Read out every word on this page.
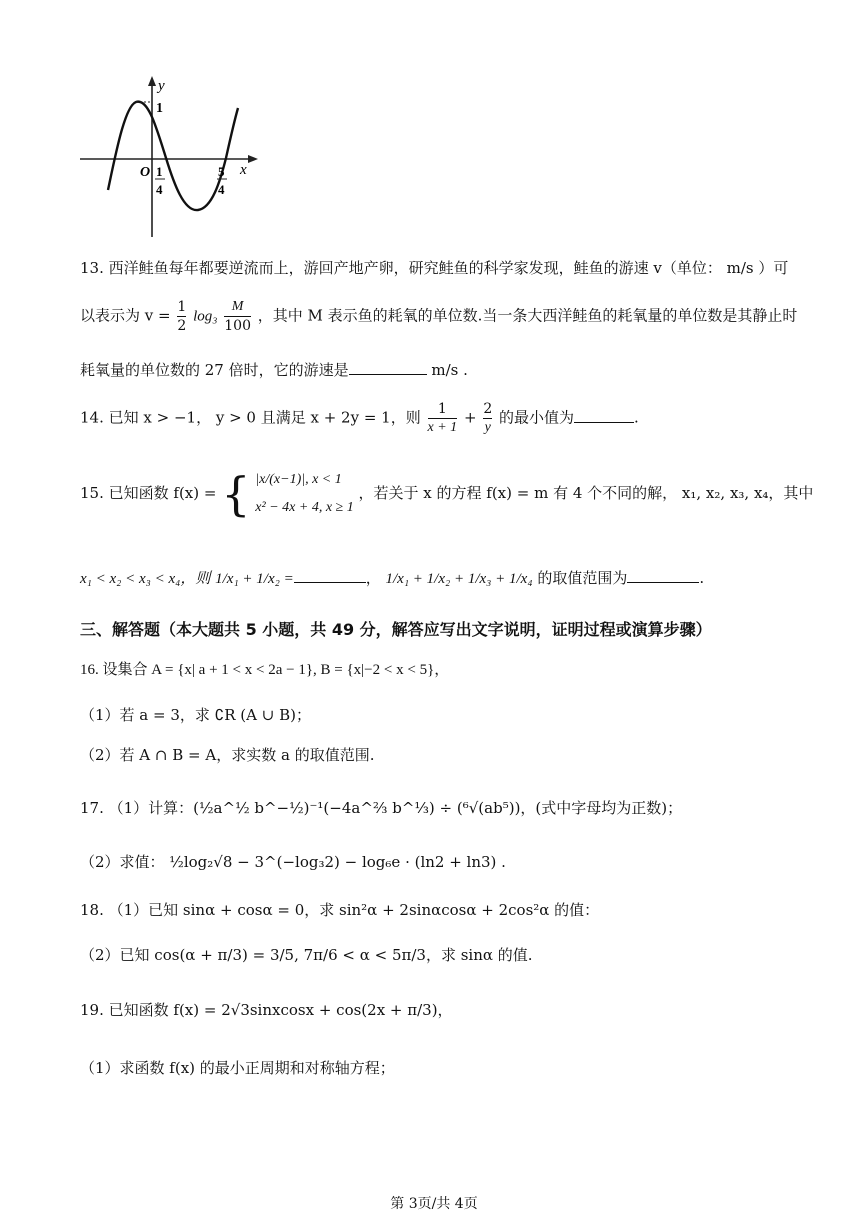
y
1
O 1
4
5
4
x
13. 西洋鲑鱼每年都要逆流而上，游回产地产卵，研究鲑鱼的科学家发现，鲑鱼的游速 v（单位： m/s ）可
以表示为 $v = \frac{1}{2} \log_3 \frac{M}{100}$ ，其中 M 表示鱼的耗氧的单位数.当一条大西洋鲑鱼的耗氧量的单位数是其静止时
耗氧量的单位数的 27 倍时，它的游速是	m/s .
14. 已知 x > −1， y > 0 且满足 x + 2y = 1，则 $\frac{1}{x + 1} + \frac{2}{y}$ 的最小值为	.
15. 已知函数 f(x) = { |x/(x−1)|, x < 1
x² − 4x + 4, x ≥ 1
，若关于 x 的方程 f(x) = m 有 4 个不同的解， x₁, x₂, x₃, x₄，其中
x₁ < x₂ < x₃ < x₄，则 1/x₁ + 1/x₂ =	， 1/x₁ + 1/x₂ + 1/x₃ + 1/x₄ 的取值范围为	.
三、解答题（本大题共 5 小题，共 49 分，解答应写出文字说明，证明过程或演算步骤）
16. 设集合 A = {x| a + 1 < x < 2a − 1}, B = {x|−2 < x < 5}，
（1）若 a = 3，求 ∁R (A ∪ B)；
（2）若 A ∩ B = A，求实数 a 的取值范围.
17. （1）计算：(½a^½ b^−½)⁻¹(−4a^⅔ b^⅓) ÷ (⁶√(ab⁵))，(式中字母均为正数)；
（2）求值： ½log₂√8 − 3^(−log₃2) − log₆e · (ln2 + ln3) .
18. （1）已知 sinα + cosα = 0，求 sin²α + 2sinαcosα + 2cos²α 的值：
（2）已知 cos(α + π/3) = 3/5, 7π/6 < α < 5π/3，求 sinα 的值.
19. 已知函数 f(x) = 2√3sinxcosx + cos(2x + π/3)，
（1）求函数 f(x) 的最小正周期和对称轴方程；
第 3页/共 4页
